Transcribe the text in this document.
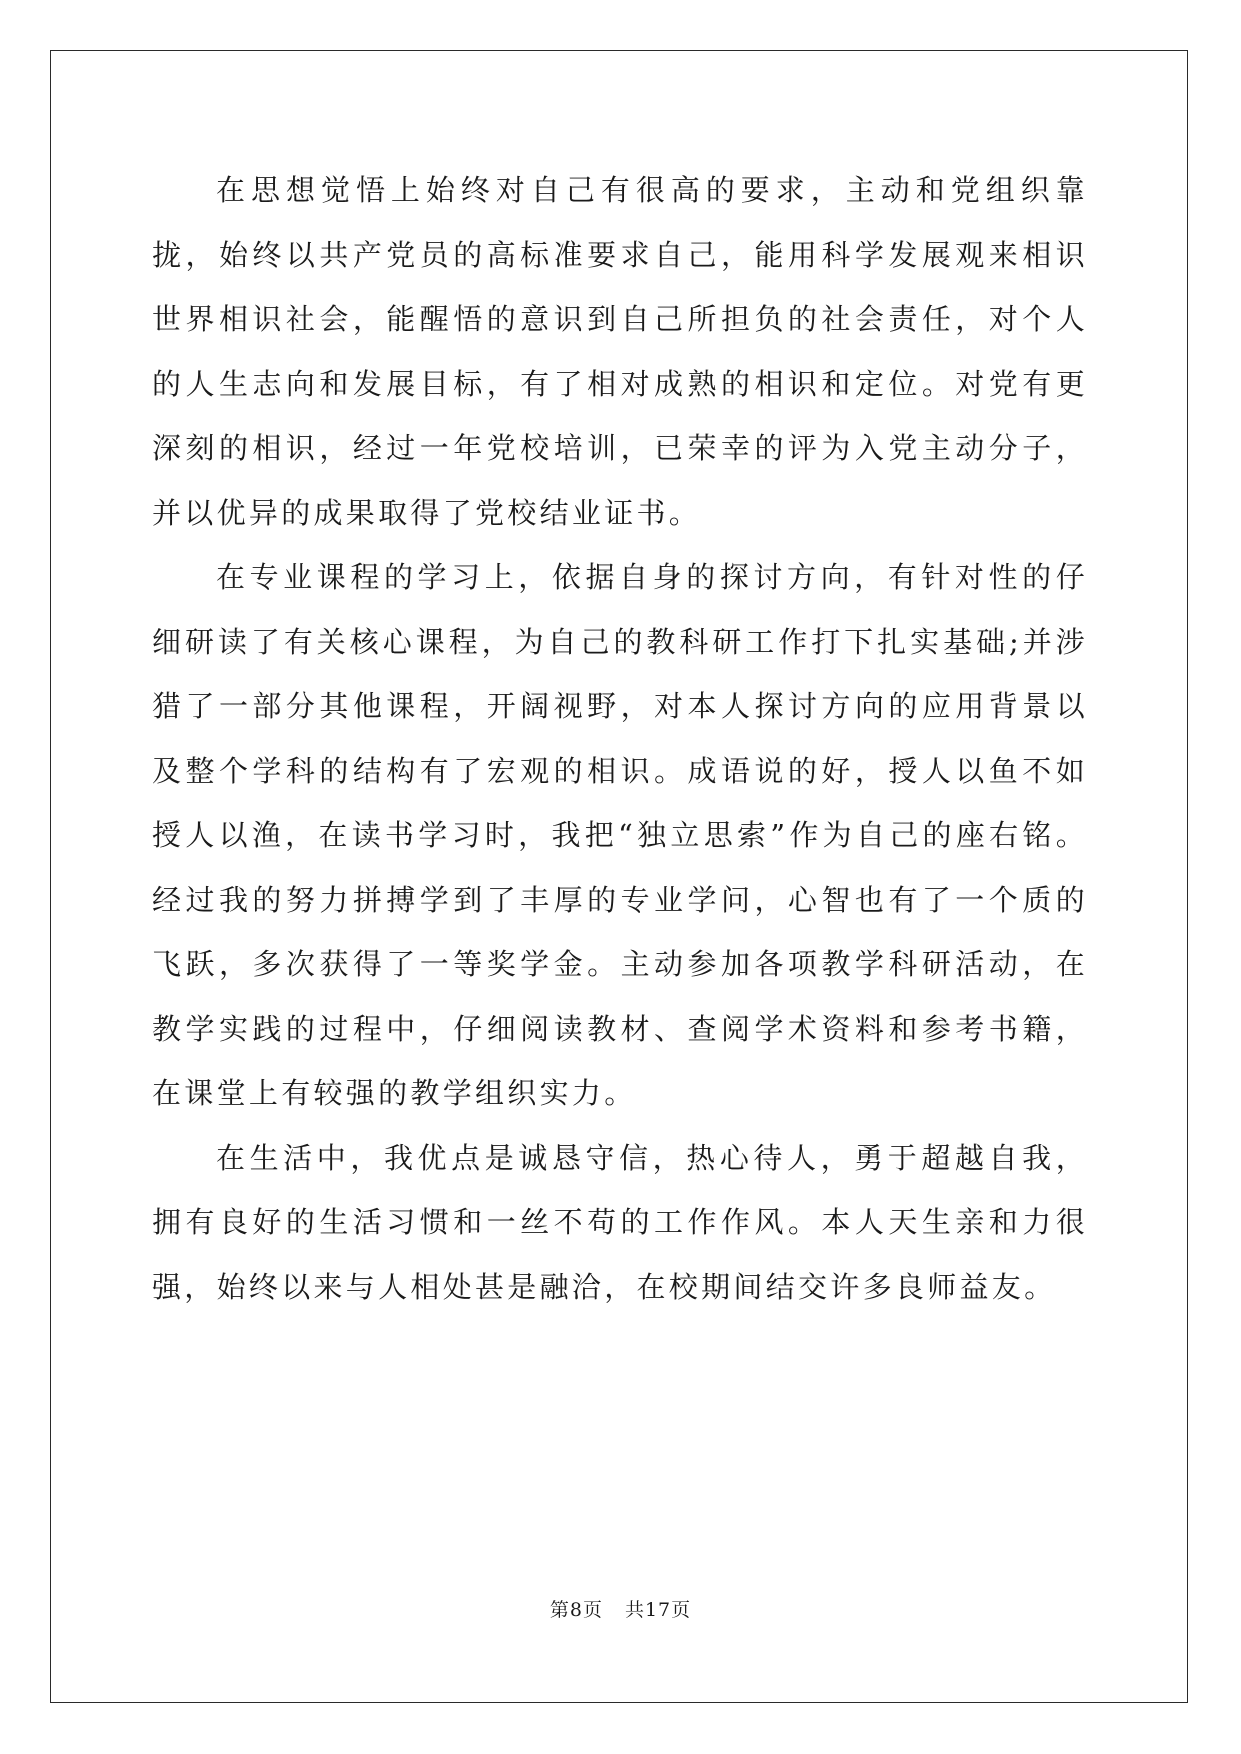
在思想觉悟上始终对自己有很高的要求，主动和党组织靠拢，始终以共产党员的高标准要求自己，能用科学发展观来相识世界相识社会，能醒悟的意识到自己所担负的社会责任，对个人的人生志向和发展目标，有了相对成熟的相识和定位。对党有更深刻的相识，经过一年党校培训，已荣幸的评为入党主动分子，并以优异的成果取得了党校结业证书。

在专业课程的学习上，依据自身的探讨方向，有针对性的仔细研读了有关核心课程，为自己的教科研工作打下扎实基础;并涉猎了一部分其他课程，开阔视野，对本人探讨方向的应用背景以及整个学科的结构有了宏观的相识。成语说的好，授人以鱼不如授人以渔，在读书学习时，我把“独立思索”作为自己的座右铭。经过我的努力拼搏学到了丰厚的专业学问，心智也有了一个质的飞跃，多次获得了一等奖学金。主动参加各项教学科研活动，在教学实践的过程中，仔细阅读教材、查阅学术资料和参考书籍，在课堂上有较强的教学组织实力。

在生活中，我优点是诚恳守信，热心待人，勇于超越自我，拥有良好的生活习惯和一丝不苟的工作作风。本人天生亲和力很强，始终以来与人相处甚是融洽，在校期间结交许多良师益友。

第8页 共17页
